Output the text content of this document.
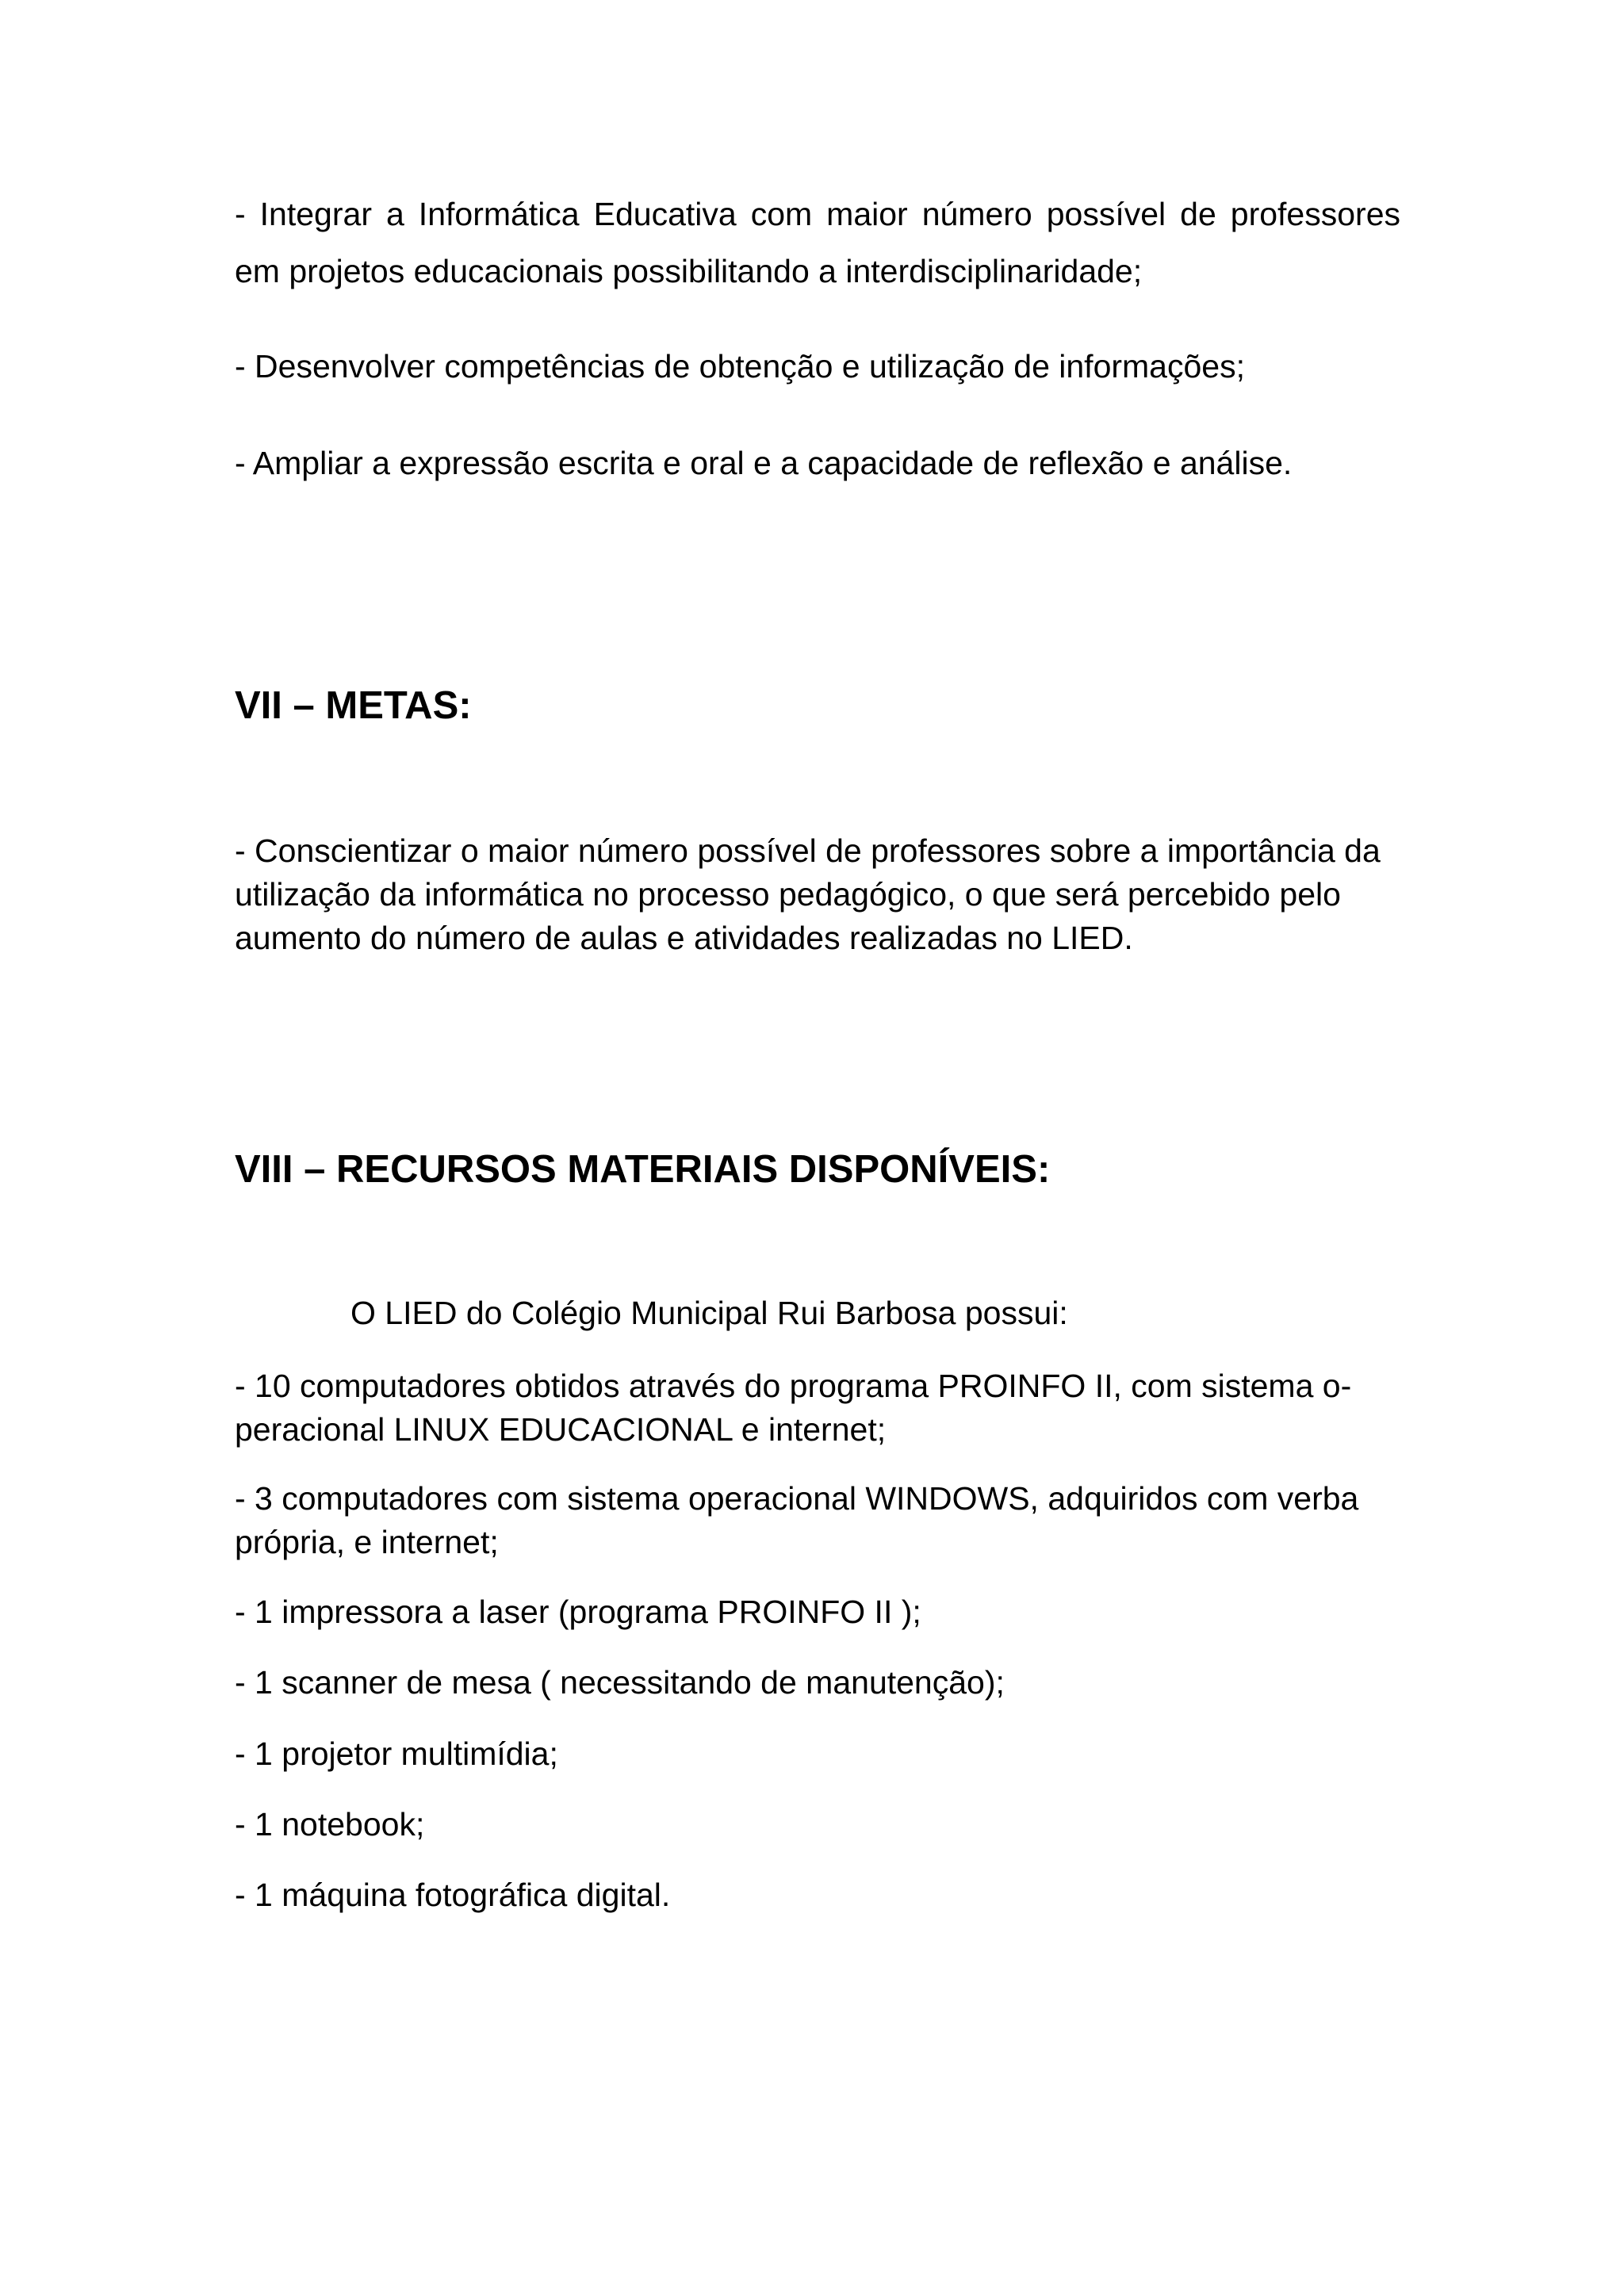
- Integrar a Informática Educativa com maior número possível de professores

em projetos educacionais possibilitando a interdisciplinaridade;

- Desenvolver competências de obtenção e utilização de informações;

- Ampliar a expressão escrita e oral e a capacidade de reflexão e análise.

VII – METAS:

- Conscientizar o maior número possível de professores sobre a importância da

utilização da informática no processo pedagógico, o que será percebido pelo

aumento do número de aulas e atividades realizadas no LIED.

VIII – RECURSOS MATERIAIS DISPONÍVEIS:

O LIED do Colégio Municipal Rui Barbosa possui:

- 10 computadores obtidos através do programa PROINFO II, com sistema o-

peracional LINUX EDUCACIONAL e internet;

- 3 computadores com sistema operacional WINDOWS, adquiridos com verba

própria, e internet;

- 1 impressora a laser (programa PROINFO II );

- 1 scanner de mesa ( necessitando de manutenção);

- 1 projetor multimídia;

- 1 notebook;

- 1 máquina fotográfica digital.
